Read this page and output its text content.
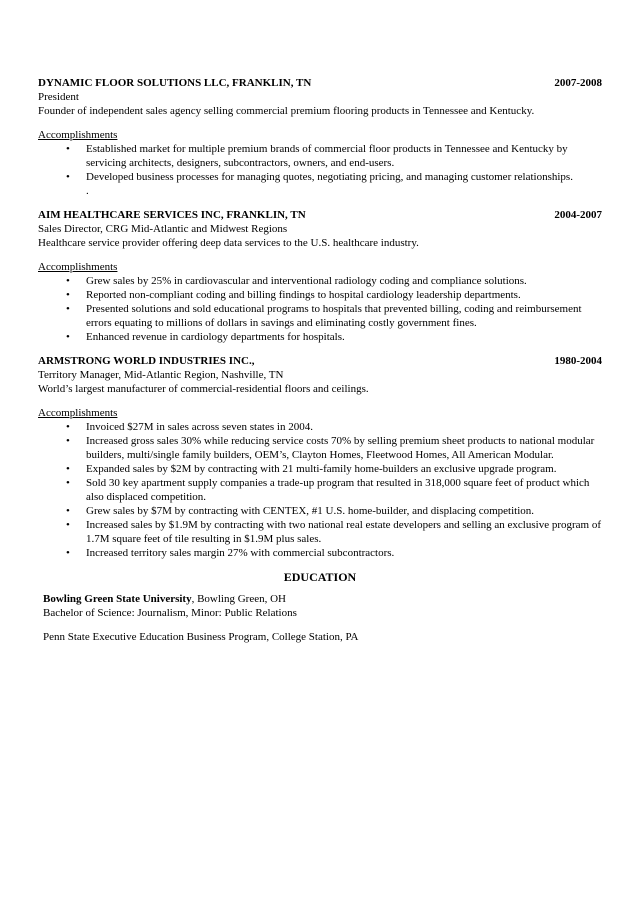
DYNAMIC FLOOR SOLUTIONS LLC, FRANKLIN, TN	2007-2008
President
Founder of independent sales agency selling commercial premium flooring products in Tennessee and Kentucky.
Accomplishments
• Established market for multiple premium brands of commercial floor products in Tennessee and Kentucky by servicing architects, designers, subcontractors, owners, and end-users.
• Developed business processes for managing quotes, negotiating pricing, and managing customer relationships.
.
AIM HEALTHCARE SERVICES INC, FRANKLIN, TN	2004-2007
Sales Director, CRG Mid-Atlantic and Midwest Regions
Healthcare service provider offering deep data services to the U.S. healthcare industry.
Accomplishments
• Grew sales by 25% in cardiovascular and interventional radiology coding and compliance solutions.
• Reported non-compliant coding and billing findings to hospital cardiology leadership departments.
• Presented solutions and sold educational programs to hospitals that prevented billing, coding and reimbursement errors equating to millions of dollars in savings and eliminating costly government fines.
• Enhanced revenue in cardiology departments for hospitals.
ARMSTRONG WORLD INDUSTRIES INC.,	1980-2004
Territory Manager, Mid-Atlantic Region, Nashville, TN
World’s largest manufacturer of commercial-residential floors and ceilings.
Accomplishments
• Invoiced $27M in sales across seven states in 2004.
• Increased gross sales 30% while reducing service costs 70% by selling premium sheet products to national modular builders, multi/single family builders, OEM’s, Clayton Homes, Fleetwood Homes, All American Modular.
• Expanded sales by $2M by contracting with 21 multi-family home-builders an exclusive upgrade program.
• Sold 30 key apartment supply companies a trade-up program that resulted in 318,000 square feet of product which also displaced competition.
• Grew sales by $7M by contracting with CENTEX, #1 U.S. home-builder, and displacing competition.
• Increased sales by $1.9M by contracting with two national real estate developers and selling an exclusive program of 1.7M square feet of tile resulting in $1.9M plus sales.
• Increased territory sales margin 27% with commercial subcontractors.
EDUCATION
Bowling Green State University, Bowling Green, OH
Bachelor of Science: Journalism, Minor: Public Relations
Penn State Executive Education Business Program, College Station, PA
